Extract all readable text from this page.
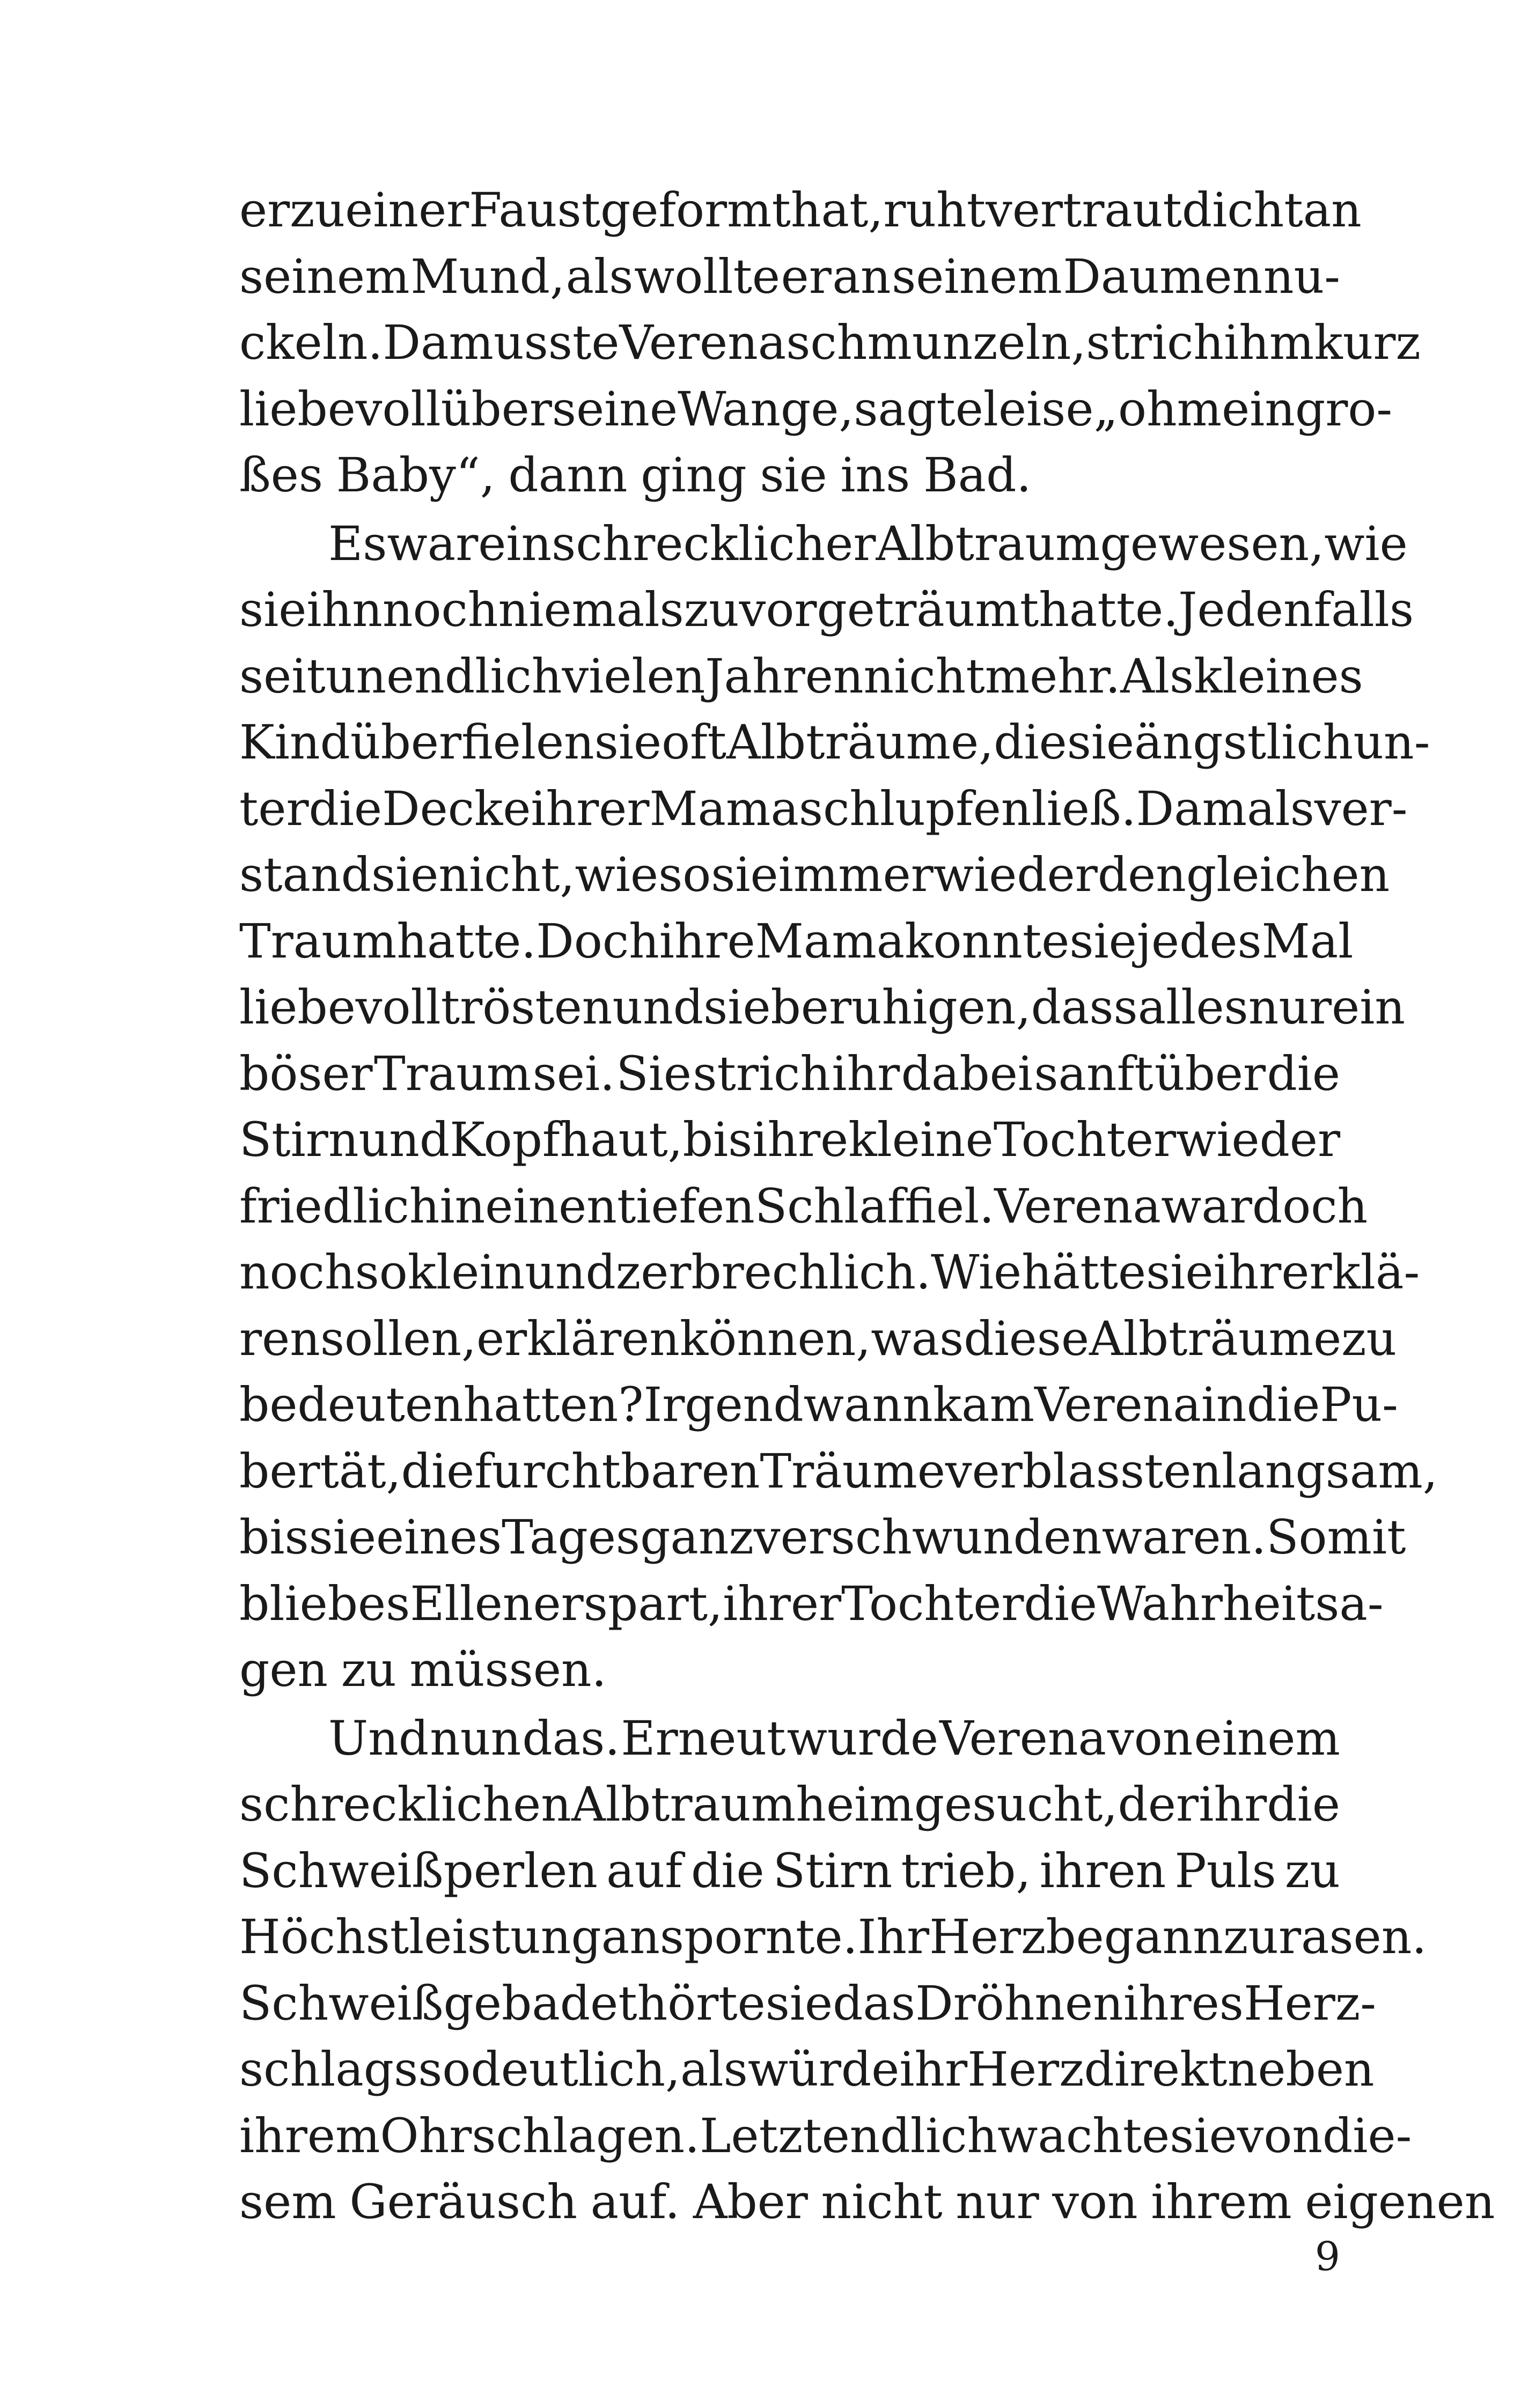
er zu einer Faust geformt hat, ruht vertraut dicht an
seinem Mund, als wollte er an seinem Daumen nu-
ckeln. Da musste Verena schmunzeln, strich ihm kurz
liebevoll über seine Wange, sagte leise „oh mein gro-
ßes Baby“, dann ging sie ins Bad.
Es war ein schrecklicher Albtraum gewesen, wie
sie ihn noch niemals zuvor geträumt hatte. Jedenfalls
seit unendlich vielen Jahren nicht mehr. Als kleines
Kind überfielen sie oft Albträume, die sie ängstlich un-
ter die Decke ihrer Mama schlupfen ließ. Damals ver-
stand sie nicht, wieso sie immer wieder den gleichen
Traum hatte. Doch ihre Mama konnte sie jedes Mal
liebevoll trösten und sie beruhigen, dass alles nur ein
böser Traum sei. Sie strich ihr dabei sanft über die
Stirn und Kopfhaut, bis ihre kleine Tochter wieder
friedlich in einen tiefen Schlaf fiel. Verena war doch
noch so klein und zerbrechlich. Wie hätte sie ihr erklä-
ren sollen, erklären können, was diese Albträume zu
bedeuten hatten? Irgendwann kam Verena in die Pu-
bertät, die furchtbaren Träume verblassten langsam,
bis sie eines Tages ganz verschwunden waren. Somit
blieb es Ellen erspart, ihrer Tochter die Wahrheit sa-
gen zu müssen.
Und nun das. Erneut wurde Verena von einem
schrecklichen Albtraum heimgesucht, der ihr die
Schweißperlen auf die Stirn trieb, ihren Puls zu
Höchstleistung anspornte. Ihr Herz begann zu rasen.
Schweißgebadet hörte sie das Dröhnen ihres Herz-
schlags so deutlich, als würde ihr Herz direkt neben
ihrem Ohr schlagen. Letztendlich wachte sie von die-
sem Geräusch auf. Aber nicht nur von ihrem eigenen
9
